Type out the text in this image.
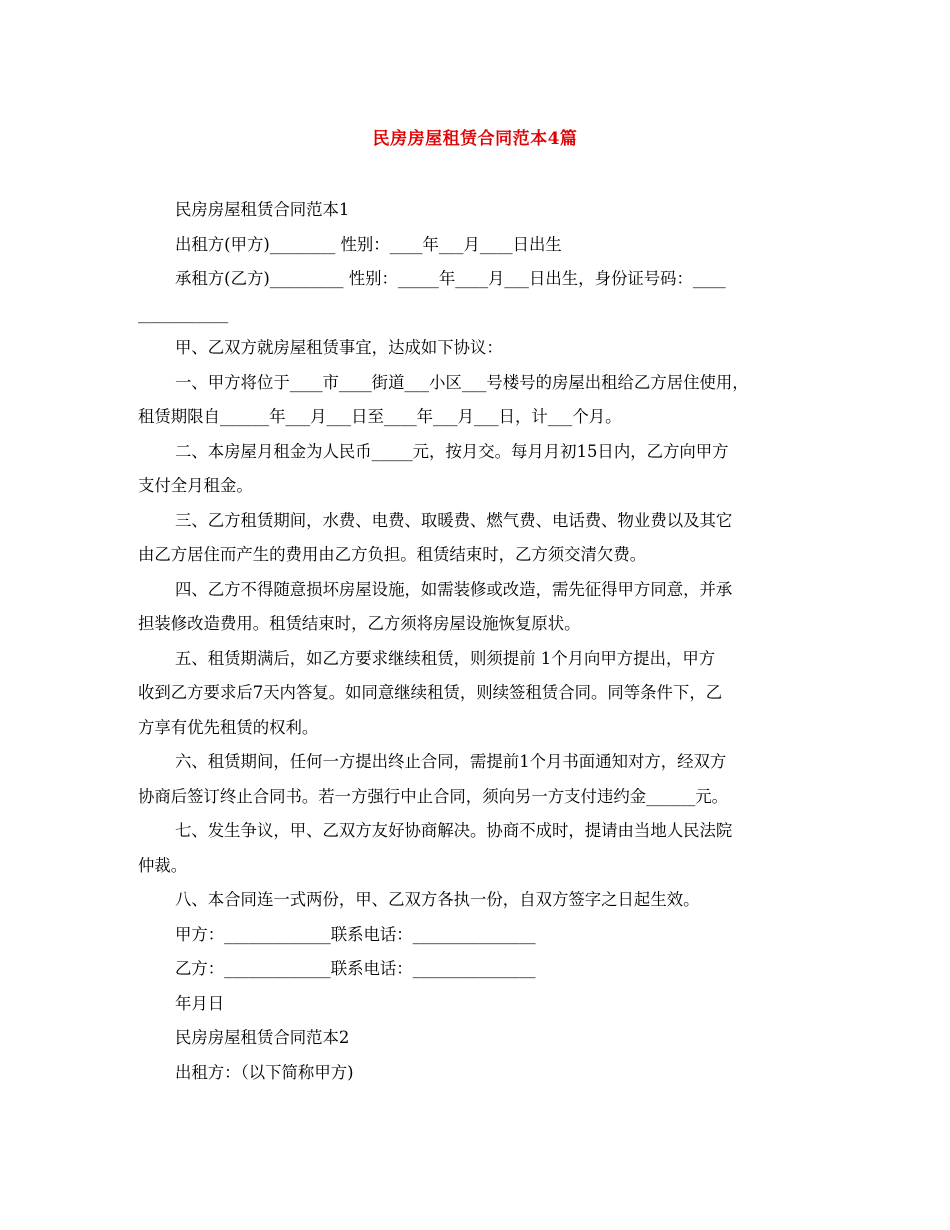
民房房屋租赁合同范本4篇
民房房屋租赁合同范本1
出租方(甲方)________ 性别：____年___月____日出生
承租方(乙方)_________ 性别：_____年____月___日出生，身份证号码：____
___________
甲、乙双方就房屋租赁事宜，达成如下协议：
一、甲方将位于____市____街道___小区___号楼号的房屋出租给乙方居住使用，
租赁期限自______年___月___日至____年___月___日，计___个月。
二、本房屋月租金为人民币_____元，按月交。每月月初15日内，乙方向甲方
支付全月租金。
三、乙方租赁期间，水费、电费、取暖费、燃气费、电话费、物业费以及其它
由乙方居住而产生的费用由乙方负担。租赁结束时，乙方须交清欠费。
四、乙方不得随意损坏房屋设施，如需装修或改造，需先征得甲方同意，并承
担装修改造费用。租赁结束时，乙方须将房屋设施恢复原状。
五、租赁期满后，如乙方要求继续租赁，则须提前 1个月向甲方提出，甲方
收到乙方要求后7天内答复。如同意继续租赁，则续签租赁合同。同等条件下，乙
方享有优先租赁的权利。
六、租赁期间，任何一方提出终止合同，需提前1个月书面通知对方，经双方
协商后签订终止合同书。若一方强行中止合同，须向另一方支付违约金______元。
七、发生争议，甲、乙双方友好协商解决。协商不成时，提请由当地人民法院
仲裁。
八、本合同连一式两份，甲、乙双方各执一份，自双方签字之日起生效。
甲方：_____________联系电话：_______________
乙方：_____________联系电话：_______________
年月日
民房房屋租赁合同范本2
出租方：（以下简称甲方)
